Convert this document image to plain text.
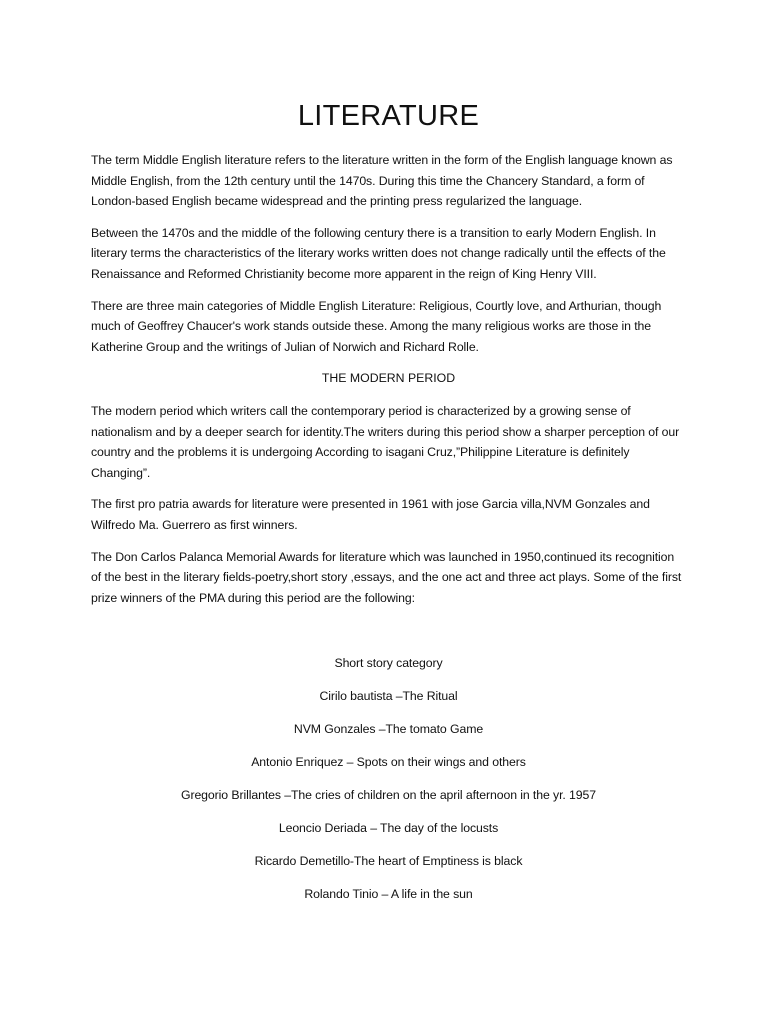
LITERATURE

The term Middle English literature refers to the literature written in the form of the English language known as Middle English, from the 12th century until the 1470s. During this time the Chancery Standard, a form of London-based English became widespread and the printing press regularized the language.

Between the 1470s and the middle of the following century there is a transition to early Modern English. In literary terms the characteristics of the literary works written does not change radically until the effects of the Renaissance and Reformed Christianity become more apparent in the reign of King Henry VIII.

There are three main categories of Middle English Literature: Religious, Courtly love, and Arthurian, though much of Geoffrey Chaucer's work stands outside these. Among the many religious works are those in the Katherine Group and the writings of Julian of Norwich and Richard Rolle.

THE MODERN PERIOD

The modern period which writers call the contemporary period is characterized by a growing sense of nationalism and by a deeper search for identity.The writers during this period show a sharper perception of our country and the problems it is undergoing According to isagani Cruz,”Philippine Literature is definitely Changing”.

The first pro patria awards for literature were presented in 1961 with jose Garcia villa,NVM Gonzales and Wilfredo Ma. Guerrero as first winners.

The Don Carlos Palanca Memorial Awards for literature which was launched in 1950,continued its recognition of the best in the literary fields-poetry,short story ,essays, and the one act and three act plays. Some of the first prize winners of the PMA during this period are the following:

Short story category
Cirilo bautista –The Ritual
NVM Gonzales –The tomato Game
Antonio Enriquez – Spots on their wings and others
Gregorio Brillantes –The cries of children on the april afternoon in the yr. 1957
Leoncio Deriada – The day of the locusts
Ricardo Demetillo-The heart of Emptiness is black
Rolando Tinio – A life in the sun
